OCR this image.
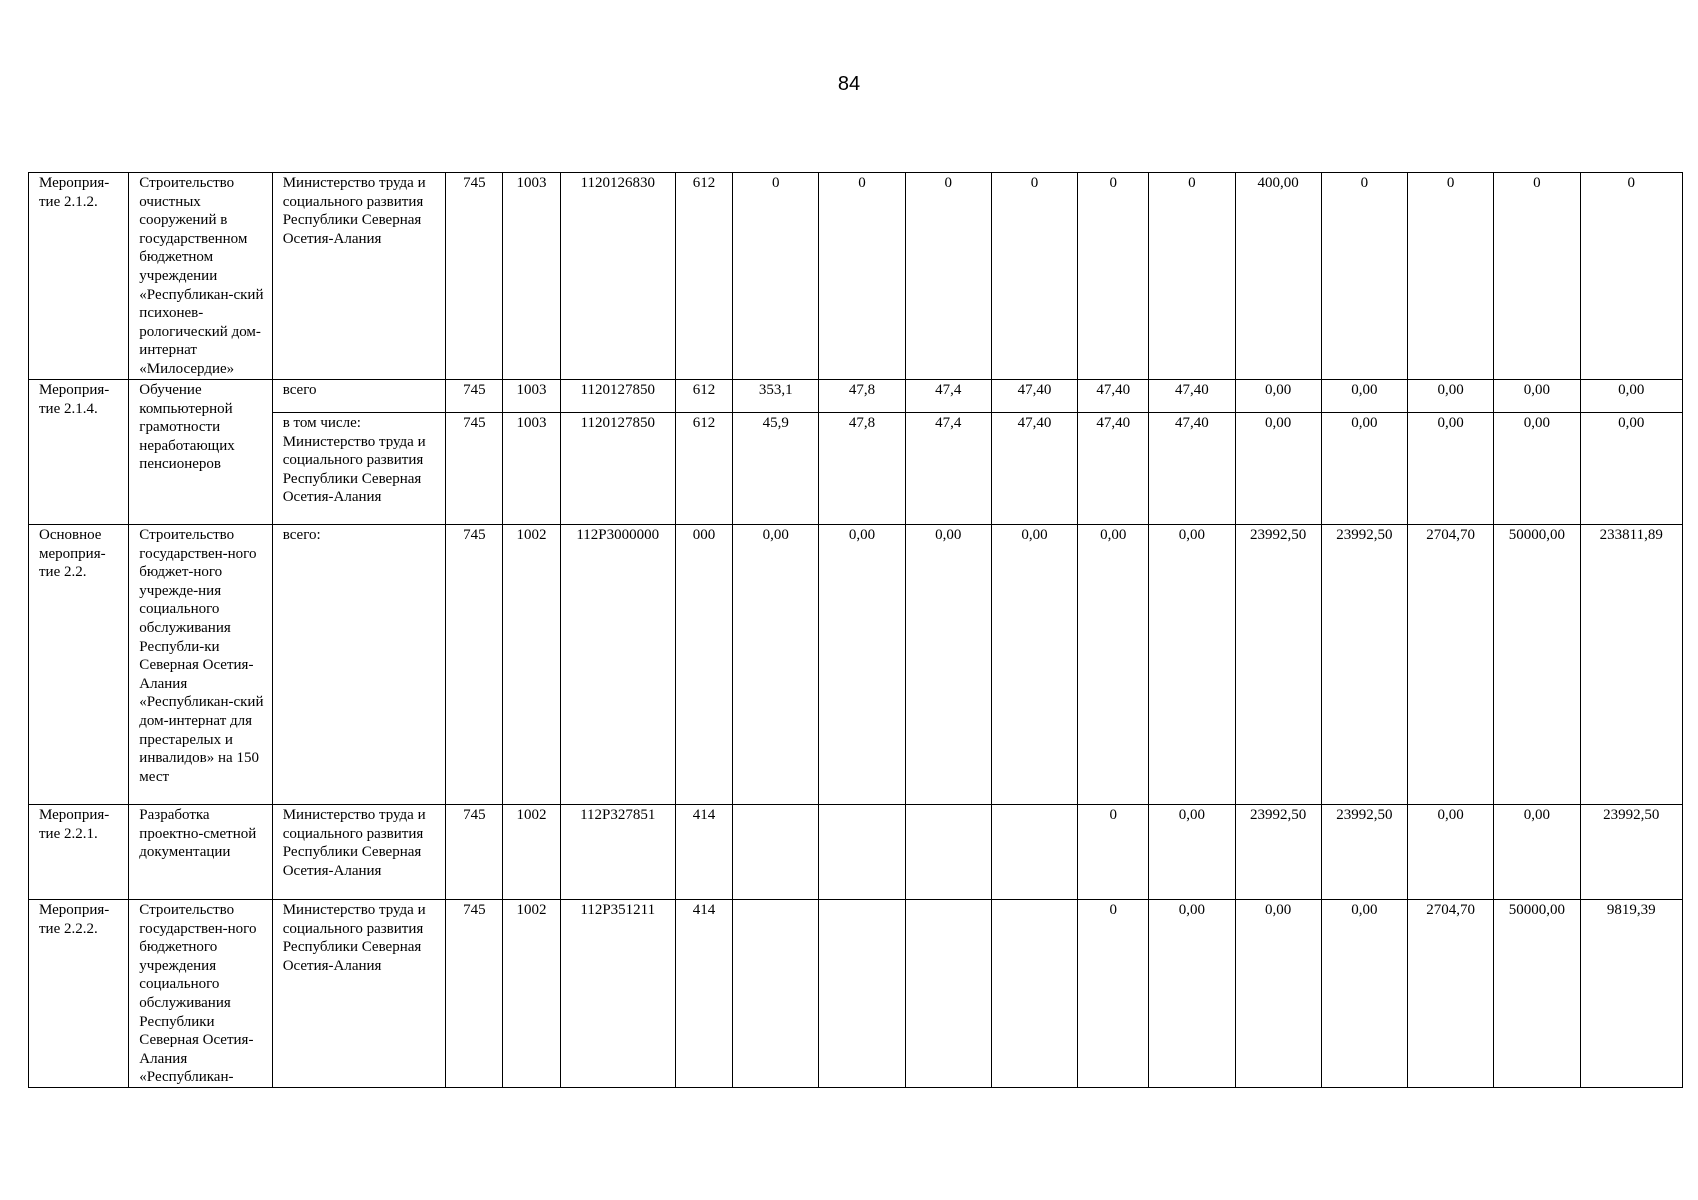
84
Мероприя-тие 2.1.2.	Строительство очистных сооружений в государственном бюджетном учреждении «Республикан-ский психонев-рологический дом-интернат «Милосердие»	Министерство труда и социального развития Республики Северная Осетия-Алания	745	1003	1120126830	612	0	0	0	0	0	0	400,00	0	0	0	0
Мероприя-тие 2.1.4.	Обучение компьютерной грамотности неработающих пенсионеров	всего	745	1003	1120127850	612	353,1	47,8	47,4	47,40	47,40	47,40	0,00	0,00	0,00	0,00	0,00
		в том числе: Министерство труда и социального развития Республики Северная Осетия-Алания	745	1003	1120127850	612	45,9	47,8	47,4	47,40	47,40	47,40	0,00	0,00	0,00	0,00	0,00
Основное мероприя-тие 2.2.	Строительство государствен-ного бюджет-ного учрежде-ния социального обслуживания Республи-ки Северная Осетия-Алания «Республикан-ский дом-интернат для престарелых и инвалидов» на 150 мест	всего:	745	1002	112P3000000	000	0,00	0,00	0,00	0,00	0,00	0,00	23992,50	23992,50	2704,70	50000,00	233811,89
Мероприя-тие 2.2.1.	Разработка проектно-сметной документации	Министерство труда и социального развития Республики Северная Осетия-Алания	745	1002	112P327851	414					0	0,00	23992,50	23992,50	0,00	0,00	23992,50
Мероприя-тие 2.2.2.	Строительство государствен-ного бюджетного учреждения социального обслуживания Республики Северная Осетия-Алания «Республикан-	Министерство труда и социального развития Республики Северная Осетия-Алания	745	1002	112P351211	414					0	0,00	0,00	0,00	2704,70	50000,00	9819,39
